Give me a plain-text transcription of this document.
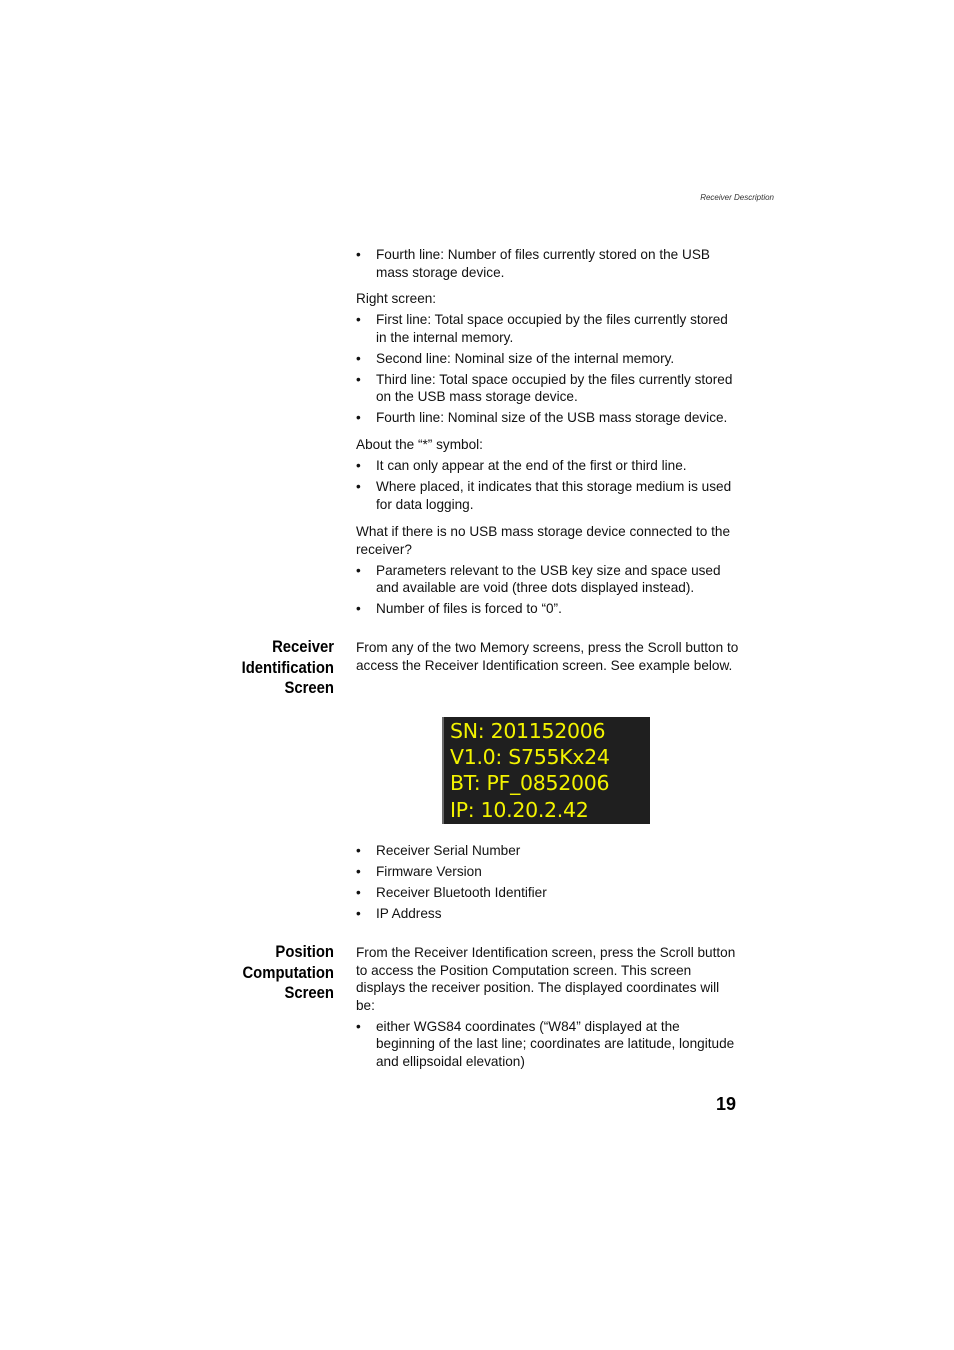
Receiver Description
• Fourth line: Number of files currently stored on the USB mass storage device.

Right screen:

• First line: Total space occupied by the files currently stored in the internal memory.
• Second line: Nominal size of the internal memory.
• Third line: Total space occupied by the files currently stored on the USB mass storage device.
• Fourth line: Nominal size of the USB mass storage device.

About the “*” symbol:

• It can only appear at the end of the first or third line.
• Where placed, it indicates that this storage medium is used for data logging.

What if there is no USB mass storage device connected to the receiver?

• Parameters relevant to the USB key size and space used and available are void (three dots displayed instead).
• Number of files is forced to “0”.
Receiver
Identification
Screen

From any of the two Memory screens, press the Scroll button to access the Receiver Identification screen. See example below.

SN: 201152006
V1.0: S755Kx24
BT: PF_0852006
IP: 10.20.2.42
• Receiver Serial Number
• Firmware Version
• Receiver Bluetooth Identifier
• IP Address
Position
Computation
Screen

From the Receiver Identification screen, press the Scroll button to access the Position Computation screen. This screen displays the receiver position. The displayed coordinates will be:

• either WGS84 coordinates (“W84” displayed at the beginning of the last line; coordinates are latitude, longitude and ellipsoidal elevation)
19
